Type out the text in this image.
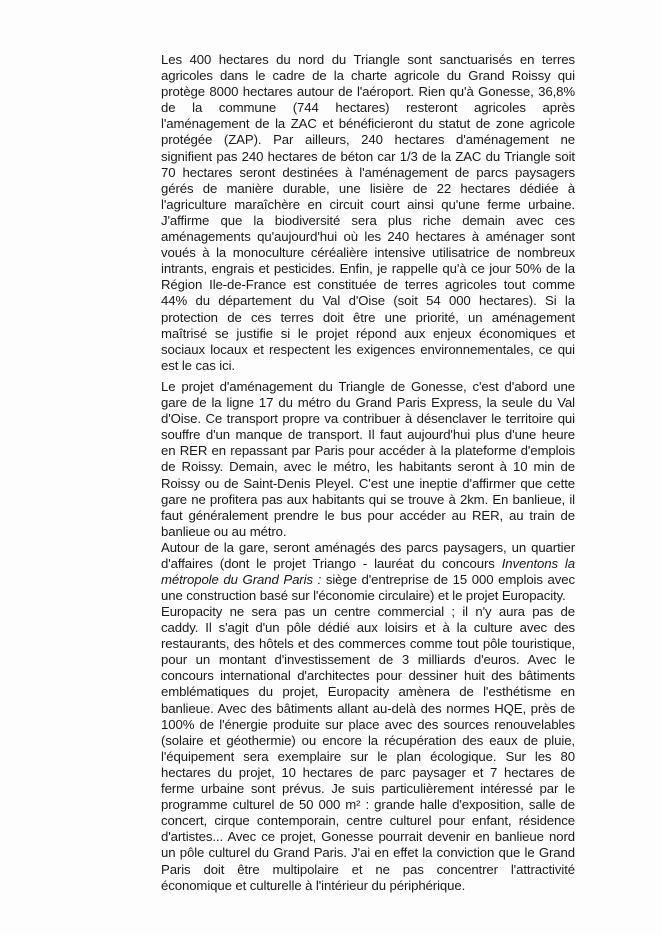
Les 400 hectares du nord du Triangle sont sanctuarisés en terres
agricoles dans le cadre de la charte agricole du Grand Roissy qui
protège 8000 hectares autour de l'aéroport. Rien qu'à Gonesse, 36,8%
de la commune (744 hectares) resteront agricoles après
l'aménagement de la ZAC et bénéficieront du statut de zone agricole
protégée (ZAP). Par ailleurs, 240 hectares d'aménagement ne
signifient pas 240 hectares de béton car 1/3 de la ZAC du Triangle soit
70 hectares seront destinées à l'aménagement de parcs paysagers
gérés de manière durable, une lisière de 22 hectares dédiée à
l'agriculture maraîchère en circuit court ainsi qu'une ferme urbaine.
J'affirme que la biodiversité sera plus riche demain avec ces
aménagements qu'aujourd'hui où les 240 hectares à aménager sont
voués à la monoculture céréalière intensive utilisatrice de nombreux
intrants, engrais et pesticides. Enfin, je rappelle qu'à ce jour 50% de la
Région Ile-de-France est constituée de terres agricoles tout comme
44% du département du Val d'Oise (soit 54 000 hectares). Si la
protection de ces terres doit être une priorité, un aménagement
maîtrisé se justifie si le projet répond aux enjeux économiques et
sociaux locaux et respectent les exigences environnementales, ce qui
est le cas ici.
Le projet d'aménagement du Triangle de Gonesse, c'est d'abord une
gare de la ligne 17 du métro du Grand Paris Express, la seule du Val
d'Oise. Ce transport propre va contribuer à désenclaver le territoire qui
souffre d'un manque de transport. Il faut aujourd'hui plus d'une heure
en RER en repassant par Paris pour accéder à la plateforme d'emplois
de Roissy. Demain, avec le métro, les habitants seront à 10 min de
Roissy ou de Saint-Denis Pleyel. C'est une ineptie d'affirmer que cette
gare ne profitera pas aux habitants qui se trouve à 2km. En banlieue, il
faut généralement prendre le bus pour accéder au RER, au train de
banlieue ou au métro.
Autour de la gare, seront aménagés des parcs paysagers, un quartier
d'affaires (dont le projet Triango - lauréat du concours Inventons la
métropole du Grand Paris : siège d'entreprise de 15 000 emplois avec
une construction basé sur l'économie circulaire) et le projet Europacity.
Europacity ne sera pas un centre commercial ; il n'y aura pas de
caddy. Il s'agit d'un pôle dédié aux loisirs et à la culture avec des
restaurants, des hôtels et des commerces comme tout pôle touristique,
pour un montant d'investissement de 3 milliards d'euros. Avec le
concours international d'architectes pour dessiner huit des bâtiments
emblématiques du projet, Europacity amènera de l'esthétisme en
banlieue. Avec des bâtiments allant au-delà des normes HQE, près de
100% de l'énergie produite sur place avec des sources renouvelables
(solaire et géothermie) ou encore la récupération des eaux de pluie,
l'équipement sera exemplaire sur le plan écologique. Sur les 80
hectares du projet, 10 hectares de parc paysager et 7 hectares de
ferme urbaine sont prévus. Je suis particulièrement intéressé par le
programme culturel de 50 000 m² : grande halle d'exposition, salle de
concert, cirque contemporain, centre culturel pour enfant, résidence
d'artistes... Avec ce projet, Gonesse pourrait devenir en banlieue nord
un pôle culturel du Grand Paris. J'ai en effet la conviction que le Grand
Paris doit être multipolaire et ne pas concentrer l'attractivité
économique et culturelle à l'intérieur du périphérique.
